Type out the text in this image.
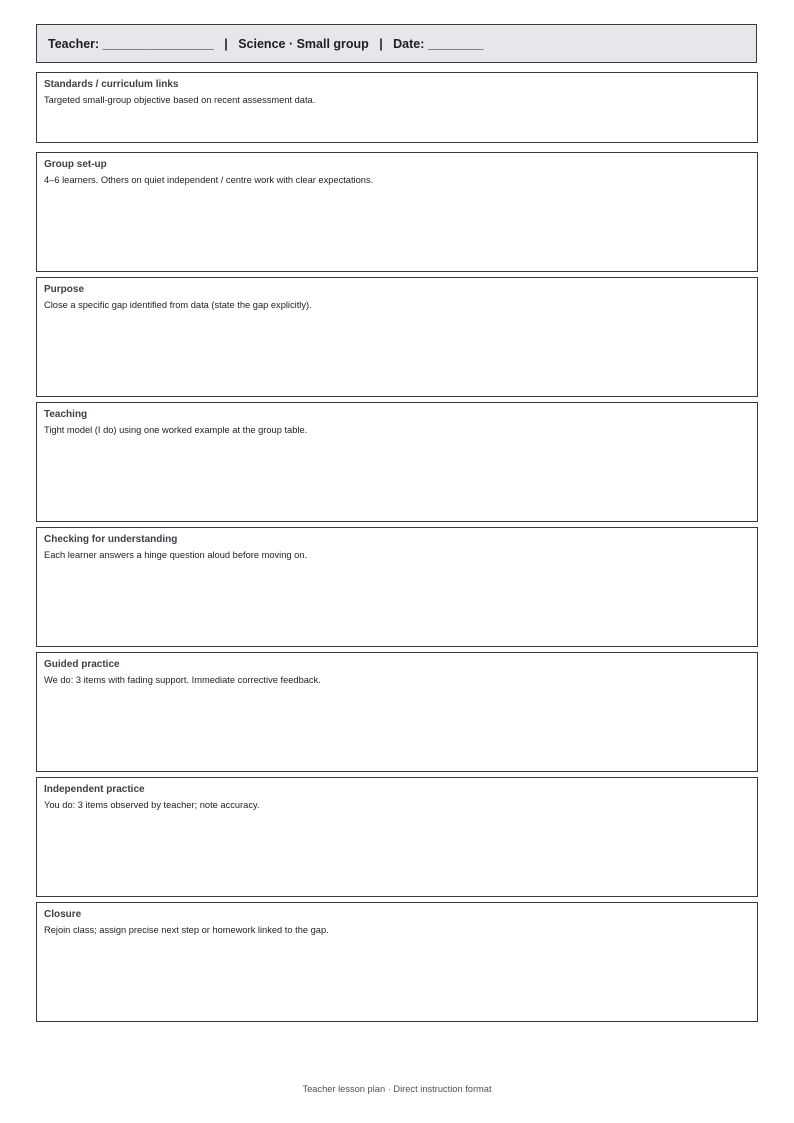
Teacher: ________________   |   Science · Small group   |   Date: ________
Standards / curriculum links
Targeted small-group objective based on recent assessment data.
Group set-up
4–6 learners. Others on quiet independent / centre work with clear expectations.
Purpose
Close a specific gap identified from data (state the gap explicitly).
Teaching
Tight model (I do) using one worked example at the group table.
Checking for understanding
Each learner answers a hinge question aloud before moving on.
Guided practice
We do: 3 items with fading support. Immediate corrective feedback.
Independent practice
You do: 3 items observed by teacher; note accuracy.
Closure
Rejoin class; assign precise next step or homework linked to the gap.
Teacher lesson plan · Direct instruction format
